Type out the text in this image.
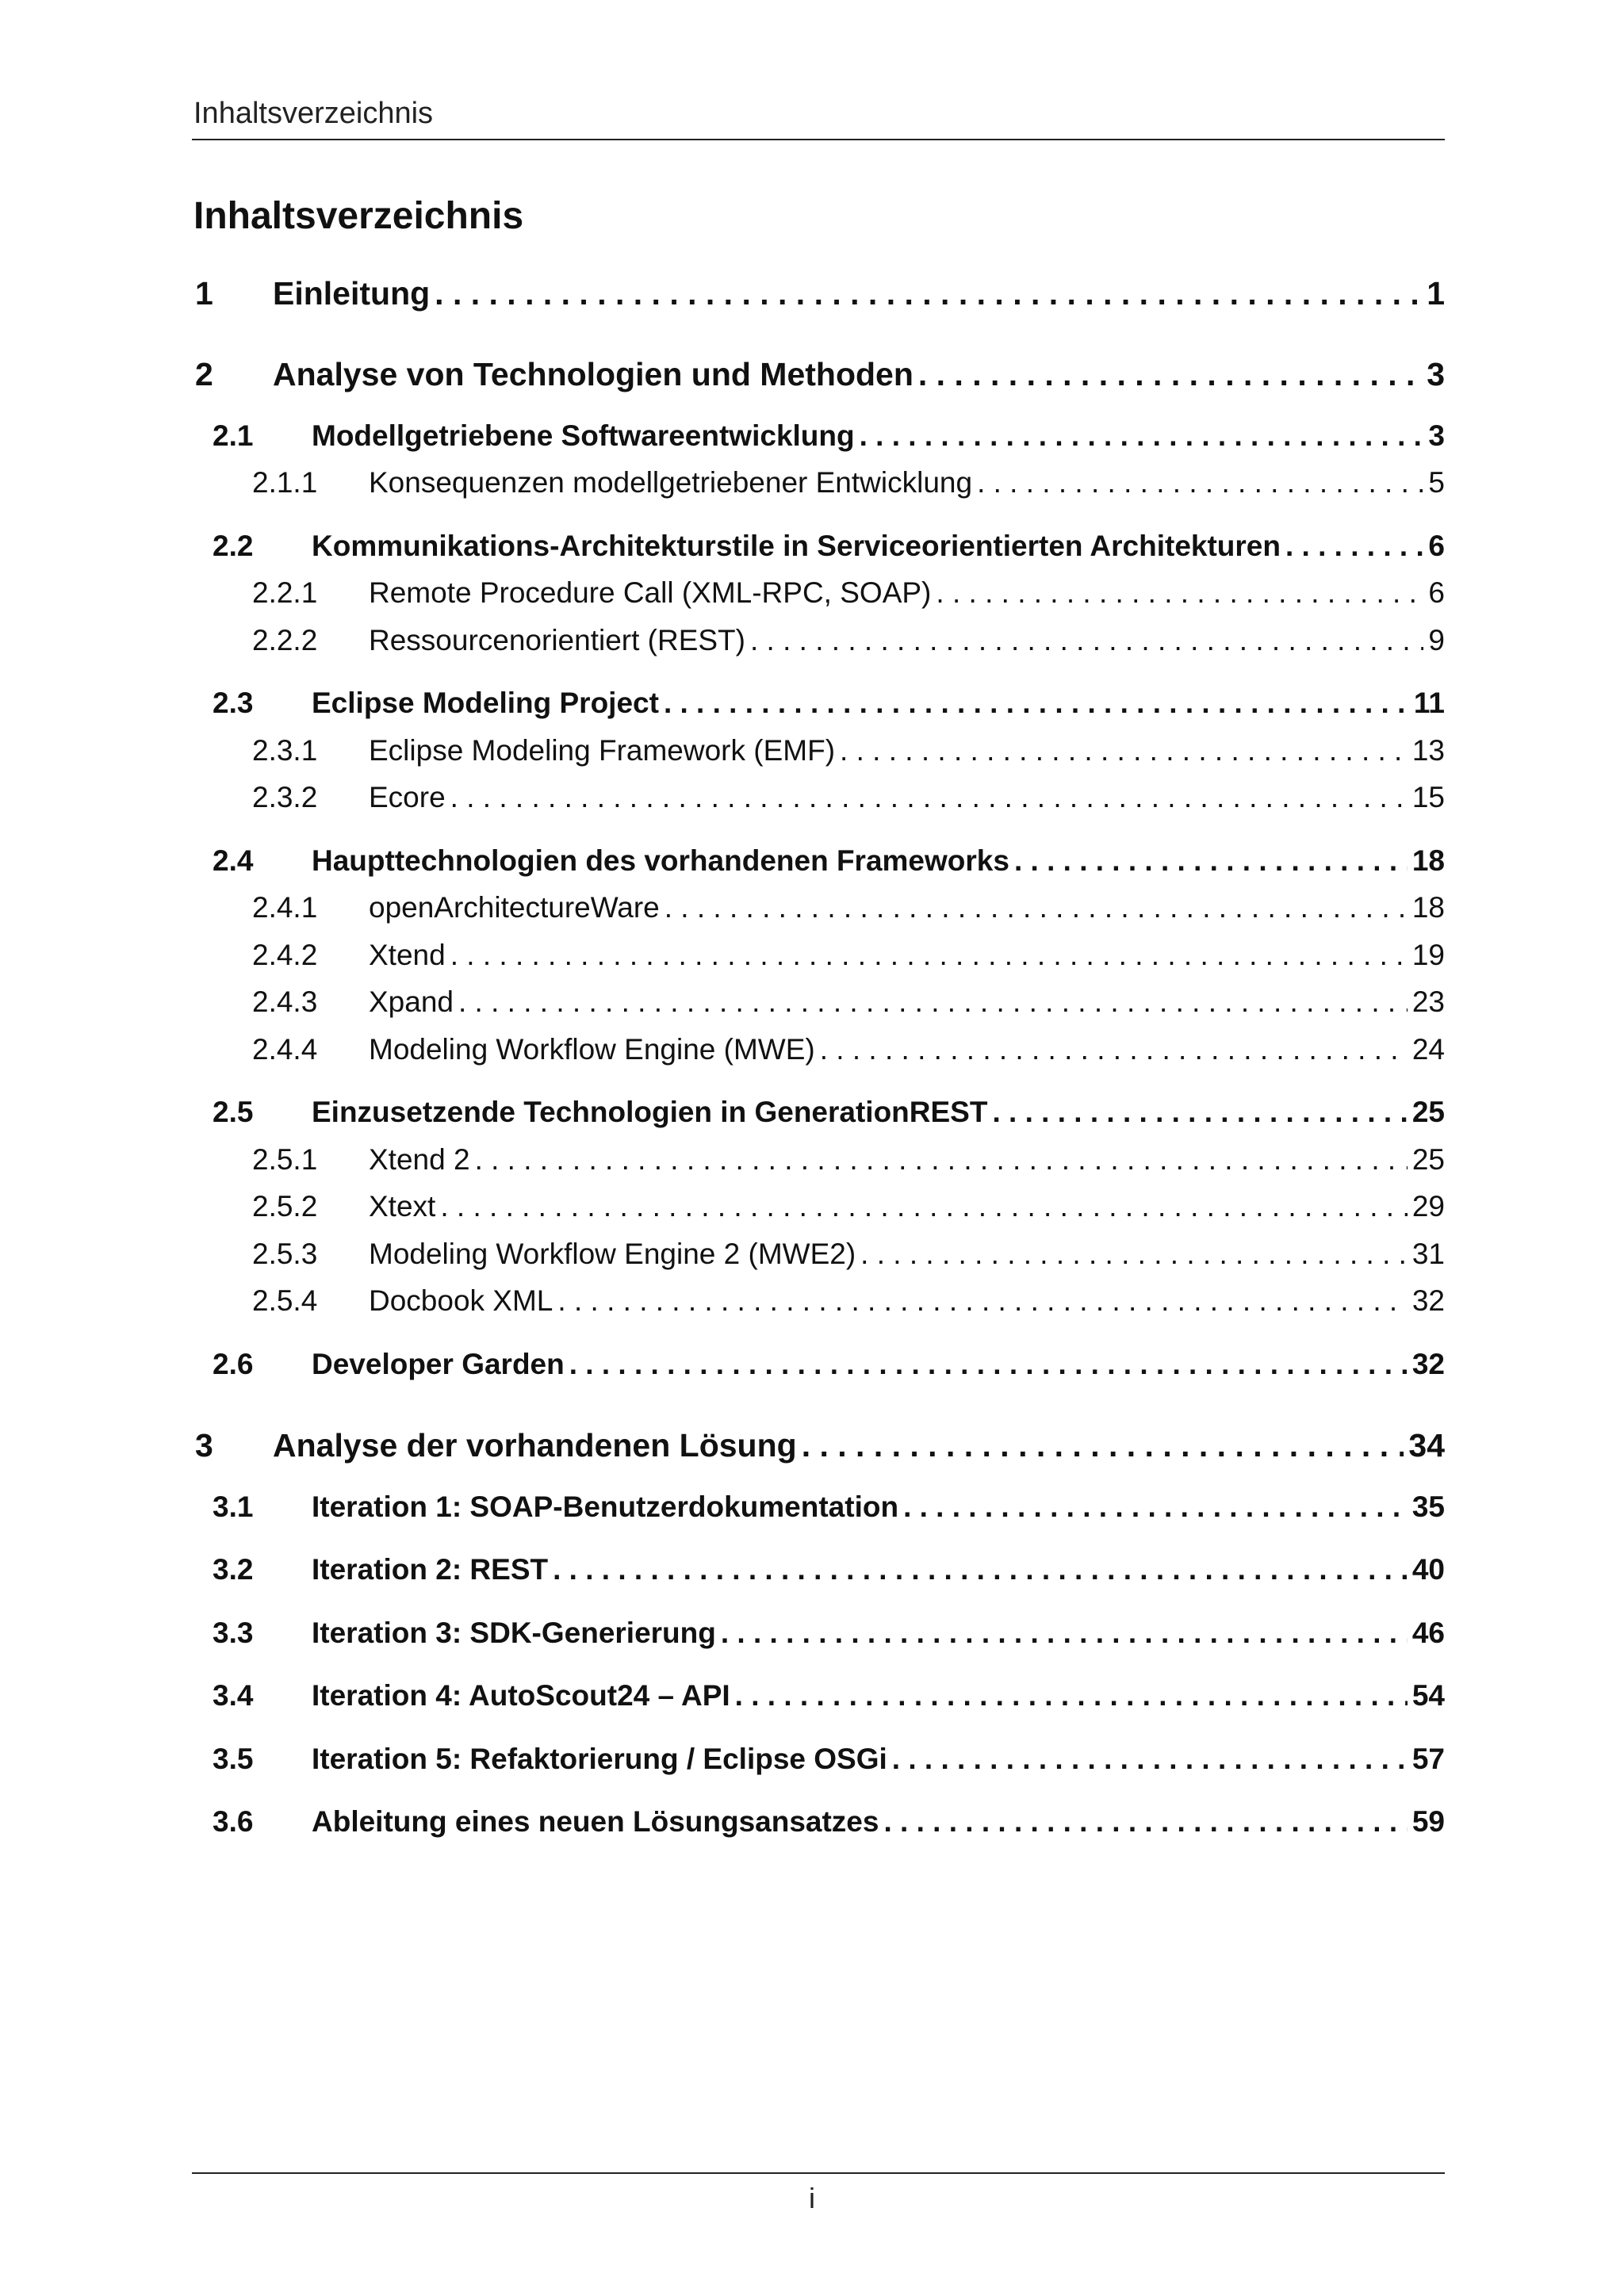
Inhaltsverzeichnis
Inhaltsverzeichnis
1 Einleitung . . .	1
2 Analyse von Technologien und Methoden . . .	3
2.1 Modellgetriebene Softwareentwicklung . . .	3
2.1.1 Konsequenzen modellgetriebener Entwicklung . . .	5
2.2 Kommunikations-Architekturstile in Serviceorientierten Architekturen . . .	6
2.2.1 Remote Procedure Call (XML-RPC, SOAP) . . .	6
2.2.2 Ressourcenorientiert (REST) . . .	9
2.3 Eclipse Modeling Project . . .	11
2.3.1 Eclipse Modeling Framework (EMF) . . .	13
2.3.2 Ecore . . .	15
2.4 Haupttechnologien des vorhandenen Frameworks . . .	18
2.4.1 openArchitectureWare . . .	18
2.4.2 Xtend . . .	19
2.4.3 Xpand . . .	23
2.4.4 Modeling Workflow Engine (MWE) . . .	24
2.5 Einzusetzende Technologien in GenerationREST . . .	25
2.5.1 Xtend 2 . . .	25
2.5.2 Xtext . . .	29
2.5.3 Modeling Workflow Engine 2 (MWE2) . . .	31
2.5.4 Docbook XML . . .	32
2.6 Developer Garden . . .	32
3 Analyse der vorhandenen Lösung . . .	34
3.1 Iteration 1: SOAP-Benutzerdokumentation . . .	35
3.2 Iteration 2: REST . . .	40
3.3 Iteration 3: SDK-Generierung . . .	46
3.4 Iteration 4: AutoScout24 – API . . .	54
3.5 Iteration 5: Refaktorierung / Eclipse OSGi . . .	57
3.6 Ableitung eines neuen Lösungsansatzes . . .	59
i
